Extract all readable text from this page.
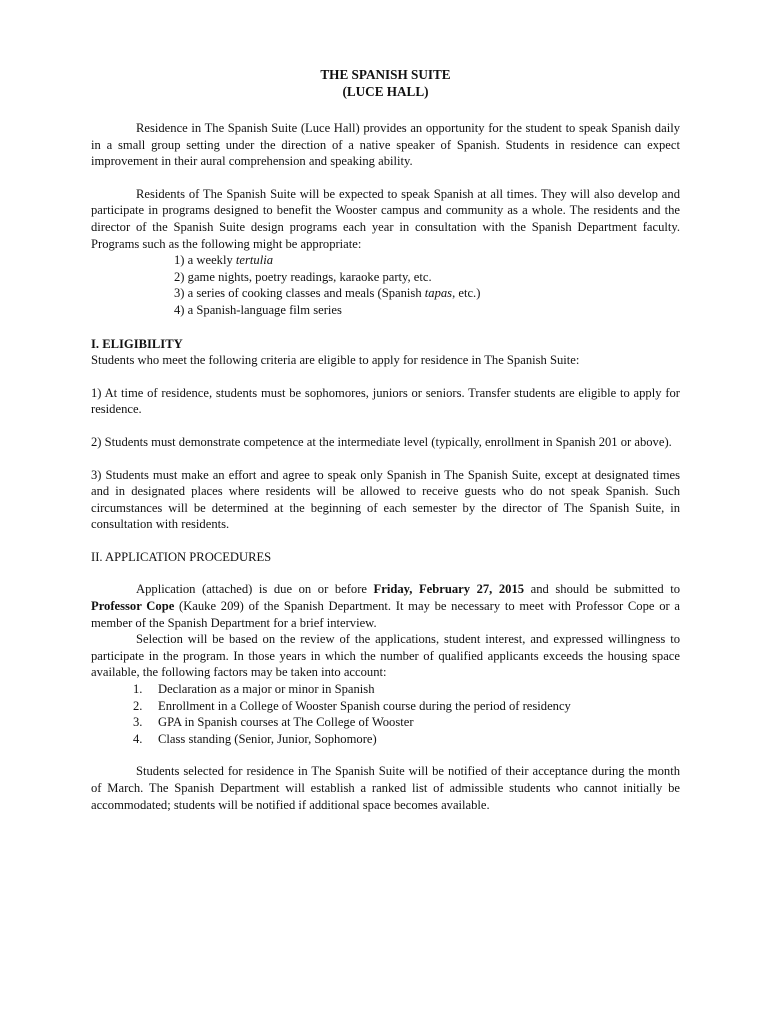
THE SPANISH SUITE

(LUCE HALL)

Residence in The Spanish Suite (Luce Hall) provides an opportunity for the student to speak Spanish daily in a small group setting under the direction of a native speaker of Spanish. Students in residence can expect improvement in their aural comprehension and speaking ability.

Residents of The Spanish Suite will be expected to speak Spanish at all times. They will also develop and participate in programs designed to benefit the Wooster campus and community as a whole. The residents and the director of the Spanish Suite design programs each year in consultation with the Spanish Department faculty. Programs such as the following might be appropriate:

1) a weekly tertulia
2) game nights, poetry readings, karaoke party, etc.
3) a series of cooking classes and meals (Spanish tapas, etc.)
4) a Spanish-language film series

I. ELIGIBILITY

Students who meet the following criteria are eligible to apply for residence in The Spanish Suite:

1) At time of residence, students must be sophomores, juniors or seniors. Transfer students are eligible to apply for residence.

2) Students must demonstrate competence at the intermediate level (typically, enrollment in Spanish 201 or above).

3) Students must make an effort and agree to speak only Spanish in The Spanish Suite, except at designated times and in designated places where residents will be allowed to receive guests who do not speak Spanish. Such circumstances will be determined at the beginning of each semester by the director of The Spanish Suite, in consultation with residents.

II. APPLICATION PROCEDURES

Application (attached) is due on or before Friday, February 27, 2015 and should be submitted to Professor Cope (Kauke 209) of the Spanish Department. It may be necessary to meet with Professor Cope or a member of the Spanish Department for a brief interview.

Selection will be based on the review of the applications, student interest, and expressed willingness to participate in the program. In those years in which the number of qualified applicants exceeds the housing space available, the following factors may be taken into account:

1.	Declaration as a major or minor in Spanish
2.	Enrollment in a College of Wooster Spanish course during the period of residency
3.	GPA in Spanish courses at The College of Wooster
4.	Class standing (Senior, Junior, Sophomore)

Students selected for residence in The Spanish Suite will be notified of their acceptance during the month of March. The Spanish Department will establish a ranked list of admissible students who cannot initially be accommodated; students will be notified if additional space becomes available.
